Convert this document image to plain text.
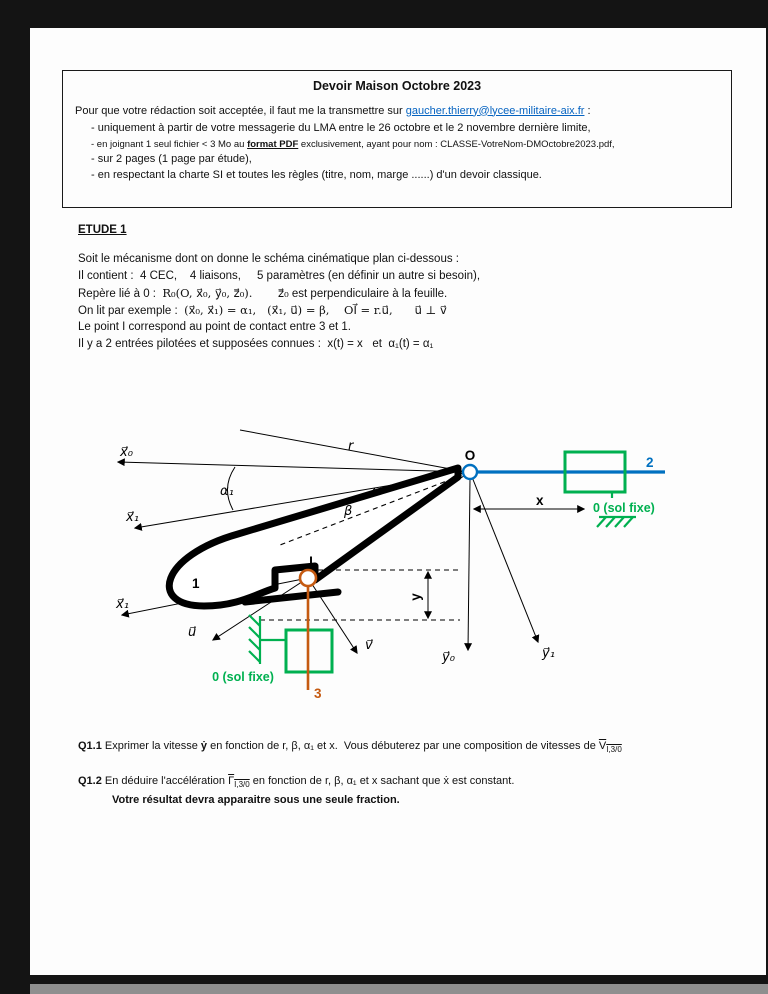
Devoir Maison Octobre 2023
Pour que votre rédaction soit acceptée, il faut me la transmettre sur gaucher.thierry@lycee-militaire-aix.fr :
- uniquement à partir de votre messagerie du LMA entre le 26 octobre et le 2 novembre dernière limite,
- en joignant 1 seul fichier < 3 Mo au format PDF exclusivement, ayant pour nom : CLASSE-VotreNom-DMOctobre2023.pdf,
- sur 2 pages (1 page par étude),
- en respectant la charte SI et toutes les règles (titre, nom, marge ......) d'un devoir classique.
ETUDE 1
Soit le mécanisme dont on donne le schéma cinématique plan ci-dessous :
Il contient :  4 CEC,    4 liaisons,     5 paramètres (en définir un autre si besoin),
Repère lié à 0 :  R₀(O, x⃗₀, y⃗₀, z⃗₀). z⃗₀ est perpendiculaire à la feuille.
On lit par exemple :  (x⃗₀, x⃗₁) = α₁,   (x⃗₁, u⃗) = β,    OI⃗ = r.u⃗,      u⃗ ⊥ v⃗
Le point I correspond au point de contact entre 3 et 1.
Il y a 2 entrées pilotées et supposées connues :  x(t) = x   et  α₁(t) = α₁
O
I
1
2
3
0 (sol fixe)
0 (sol fixe)
x
y
r
α₁
β
x⃗₀
x⃗₁
x⃗₁
u⃗
v⃗
y⃗₀	y⃗₁
Q1.1 Exprimer la vitesse ẏ en fonction de r, β, α₁ et x.  Vous débuterez par une composition de vitesses de $V_{I,3/0}$
Q1.2 En déduire l'accélération $\Gamma_{I,3/0}$ en fonction de r, β, α₁ et x sachant que ẋ est constant.
Votre résultat devra apparaitre sous une seule fraction.
